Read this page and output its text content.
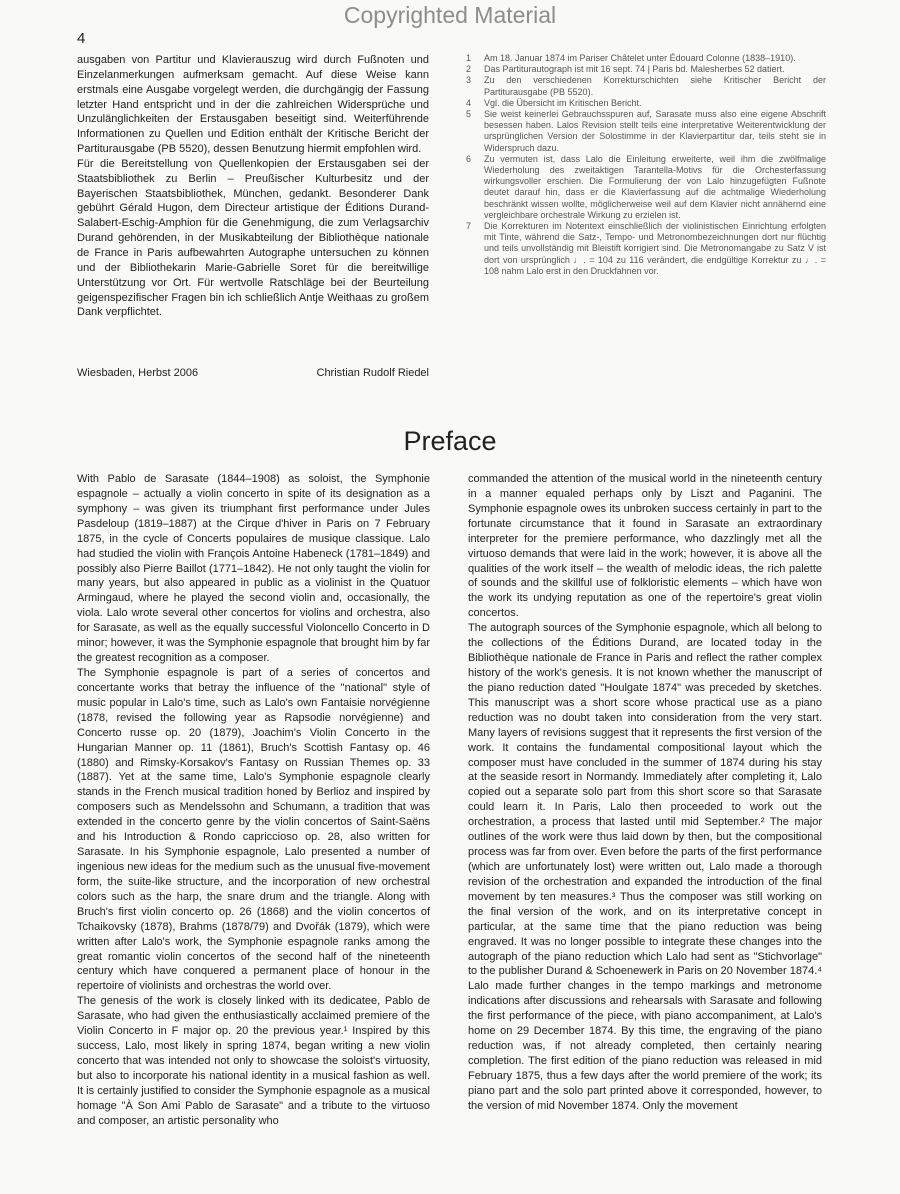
Copyrighted Material
4

ausgaben von Partitur und Klavierauszug wird durch Fußnoten und Einzelanmerkungen aufmerksam gemacht. Auf diese Weise kann erstmals eine Ausgabe vorgelegt werden, die durchgängig der Fassung letzter Hand entspricht und in der die zahlreichen Widersprüche und Unzulänglichkeiten der Erstausgaben beseitigt sind. Weiterführende Informationen zu Quellen und Edition enthält der Kritische Bericht der Partiturausgabe (PB 5520), dessen Benutzung hiermit empfohlen wird.

Für die Bereitstellung von Quellenkopien der Erstausgaben sei der Staatsbibliothek zu Berlin – Preußischer Kulturbesitz und der Bayerischen Staatsbibliothek, München, gedankt. Besonderer Dank gebührt Gérald Hugon, dem Directeur artistique der Éditions Durand-Salabert-Eschig-Amphion für die Genehmigung, die zum Verlagsarchiv Durand gehörenden, in der Musikabteilung der Bibliothèque nationale de France in Paris aufbewahrten Autographe untersuchen zu können und der Bibliothekarin Marie-Gabrielle Soret für die bereitwillige Unterstützung vor Ort. Für wertvolle Ratschläge bei der Beurteilung geigenspezifischer Fragen bin ich schließlich Antje Weithaas zu großem Dank verpflichtet.

Wiesbaden, Herbst 2006	Christian Rudolf Riedel

1 Am 18. Januar 1874 im Pariser Châtelet unter Édouard Colonne (1838–1910).

2 Das Partiturautograph ist mit 16 sept. 74 | Paris bd. Malesherbes 52 datiert.

3 Zu den verschiedenen Korrekturschichten siehe Kritischer Bericht der Partiturausgabe (PB 5520).

4 Vgl. die Übersicht im Kritischen Bericht.

5 Sie weist keinerlei Gebrauchsspuren auf, Sarasate muss also eine eigene Abschrift besessen haben. Lalos Revision stellt teils eine interpretative Weiterentwicklung der ursprünglichen Version der Solostimme in der Klavierpartitur dar, teils steht sie in Widerspruch dazu.

6 Zu vermuten ist, dass Lalo die Einleitung erweiterte, weil ihm die zwölfmalige Wiederholung des zweitaktigen Tarantella-Motivs für die Orchesterfassung wirkungsvoller erschien. Die Formulierung der von Lalo hinzugefügten Fußnote deutet darauf hin, dass er die Klavierfassung auf die achtmalige Wiederholung beschränkt wissen wollte, möglicherweise weil auf dem Klavier nicht annähernd eine vergleichbare orchestrale Wirkung zu erzielen ist.

7 Die Korrekturen im Notentext einschließlich der violinistischen Einrichtung erfolgten mit Tinte, während die Satz-, Tempo- und Metronombezeichnungen dort nur flüchtig und teils unvollständig mit Bleistift korrigiert sind. Die Metronomangabe zu Satz V ist dort von ursprünglich ♩. = 104 zu 116 verändert, die endgültige Korrektur zu ♩. = 108 nahm Lalo erst in den Druckfahnen vor.

Preface

With Pablo de Sarasate (1844–1908) as soloist, the Symphonie espagnole – actually a violin concerto in spite of its designation as a symphony – was given its triumphant first performance under Jules Pasdeloup (1819–1887) at the Cirque d'hiver in Paris on 7 February 1875, in the cycle of Concerts populaires de musique classique. Lalo had studied the violin with François Antoine Habeneck (1781–1849) and possibly also Pierre Baillot (1771–1842). He not only taught the violin for many years, but also appeared in public as a violinist in the Quatuor Armingaud, where he played the second violin and, occasionally, the viola. Lalo wrote several other concertos for violins and orchestra, also for Sarasate, as well as the equally successful Violoncello Concerto in D minor; however, it was the Symphonie espagnole that brought him by far the greatest recognition as a composer.

The Symphonie espagnole is part of a series of concertos and concertante works that betray the influence of the "national" style of music popular in Lalo's time, such as Lalo's own Fantaisie norvégienne (1878, revised the following year as Rapsodie norvégienne) and Concerto russe op. 20 (1879), Joachim's Violin Concerto in the Hungarian Manner op. 11 (1861), Bruch's Scottish Fantasy op. 46 (1880) and Rimsky-Korsakov's Fantasy on Russian Themes op. 33 (1887). Yet at the same time, Lalo's Symphonie espagnole clearly stands in the French musical tradition honed by Berlioz and inspired by composers such as Mendelssohn and Schumann, a tradition that was extended in the concerto genre by the violin concertos of Saint-Saëns and his Introduction & Rondo capriccioso op. 28, also written for Sarasate. In his Symphonie espagnole, Lalo presented a number of ingenious new ideas for the medium such as the unusual five-movement form, the suite-like structure, and the incorporation of new orchestral colors such as the harp, the snare drum and the triangle. Along with Bruch's first violin concerto op. 26 (1868) and the violin concertos of Tchaikovsky (1878), Brahms (1878/79) and Dvořák (1879), which were written after Lalo's work, the Symphonie espagnole ranks among the great romantic violin concertos of the second half of the nineteenth century which have conquered a permanent place of honour in the repertoire of violinists and orchestras the world over.

The genesis of the work is closely linked with its dedicatee, Pablo de Sarasate, who had given the enthusiastically acclaimed premiere of the Violin Concerto in F major op. 20 the previous year.¹ Inspired by this success, Lalo, most likely in spring 1874, began writing a new violin concerto that was intended not only to showcase the soloist's virtuosity, but also to incorporate his national identity in a musical fashion as well. It is certainly justified to consider the Symphonie espagnole as a musical homage "À Son Ami Pablo de Sarasate" and a tribute to the virtuoso and composer, an artistic personality who

commanded the attention of the musical world in the nineteenth century in a manner equaled perhaps only by Liszt and Paganini. The Symphonie espagnole owes its unbroken success certainly in part to the fortunate circumstance that it found in Sarasate an extraordinary interpreter for the premiere performance, who dazzlingly met all the virtuoso demands that were laid in the work; however, it is above all the qualities of the work itself – the wealth of melodic ideas, the rich palette of sounds and the skillful use of folkloristic elements – which have won the work its undying reputation as one of the repertoire's great violin concertos.

The autograph sources of the Symphonie espagnole, which all belong to the collections of the Éditions Durand, are located today in the Bibliothèque nationale de France in Paris and reflect the rather complex history of the work's genesis. It is not known whether the manuscript of the piano reduction dated "Houlgate 1874" was preceded by sketches. This manuscript was a short score whose practical use as a piano reduction was no doubt taken into consideration from the very start. Many layers of revisions suggest that it represents the first version of the work. It contains the fundamental compositional layout which the composer must have concluded in the summer of 1874 during his stay at the seaside resort in Normandy. Immediately after completing it, Lalo copied out a separate solo part from this short score so that Sarasate could learn it. In Paris, Lalo then proceeded to work out the orchestration, a process that lasted until mid September.² The major outlines of the work were thus laid down by then, but the compositional process was far from over. Even before the parts of the first performance (which are unfortunately lost) were written out, Lalo made a thorough revision of the orchestration and expanded the introduction of the final movement by ten measures.³ Thus the composer was still working on the final version of the work, and on its interpretative concept in particular, at the same time that the piano reduction was being engraved. It was no longer possible to integrate these changes into the autograph of the piano reduction which Lalo had sent as "Stichvorlage" to the publisher Durand & Schoenewerk in Paris on 20 November 1874.⁴ Lalo made further changes in the tempo markings and metronome indications after discussions and rehearsals with Sarasate and following the first performance of the piece, with piano accompaniment, at Lalo's home on 29 December 1874. By this time, the engraving of the piano reduction was, if not already completed, then certainly nearing completion. The first edition of the piano reduction was released in mid February 1875, thus a few days after the world premiere of the work; its piano part and the solo part printed above it corresponded, however, to the version of mid November 1874. Only the movement
